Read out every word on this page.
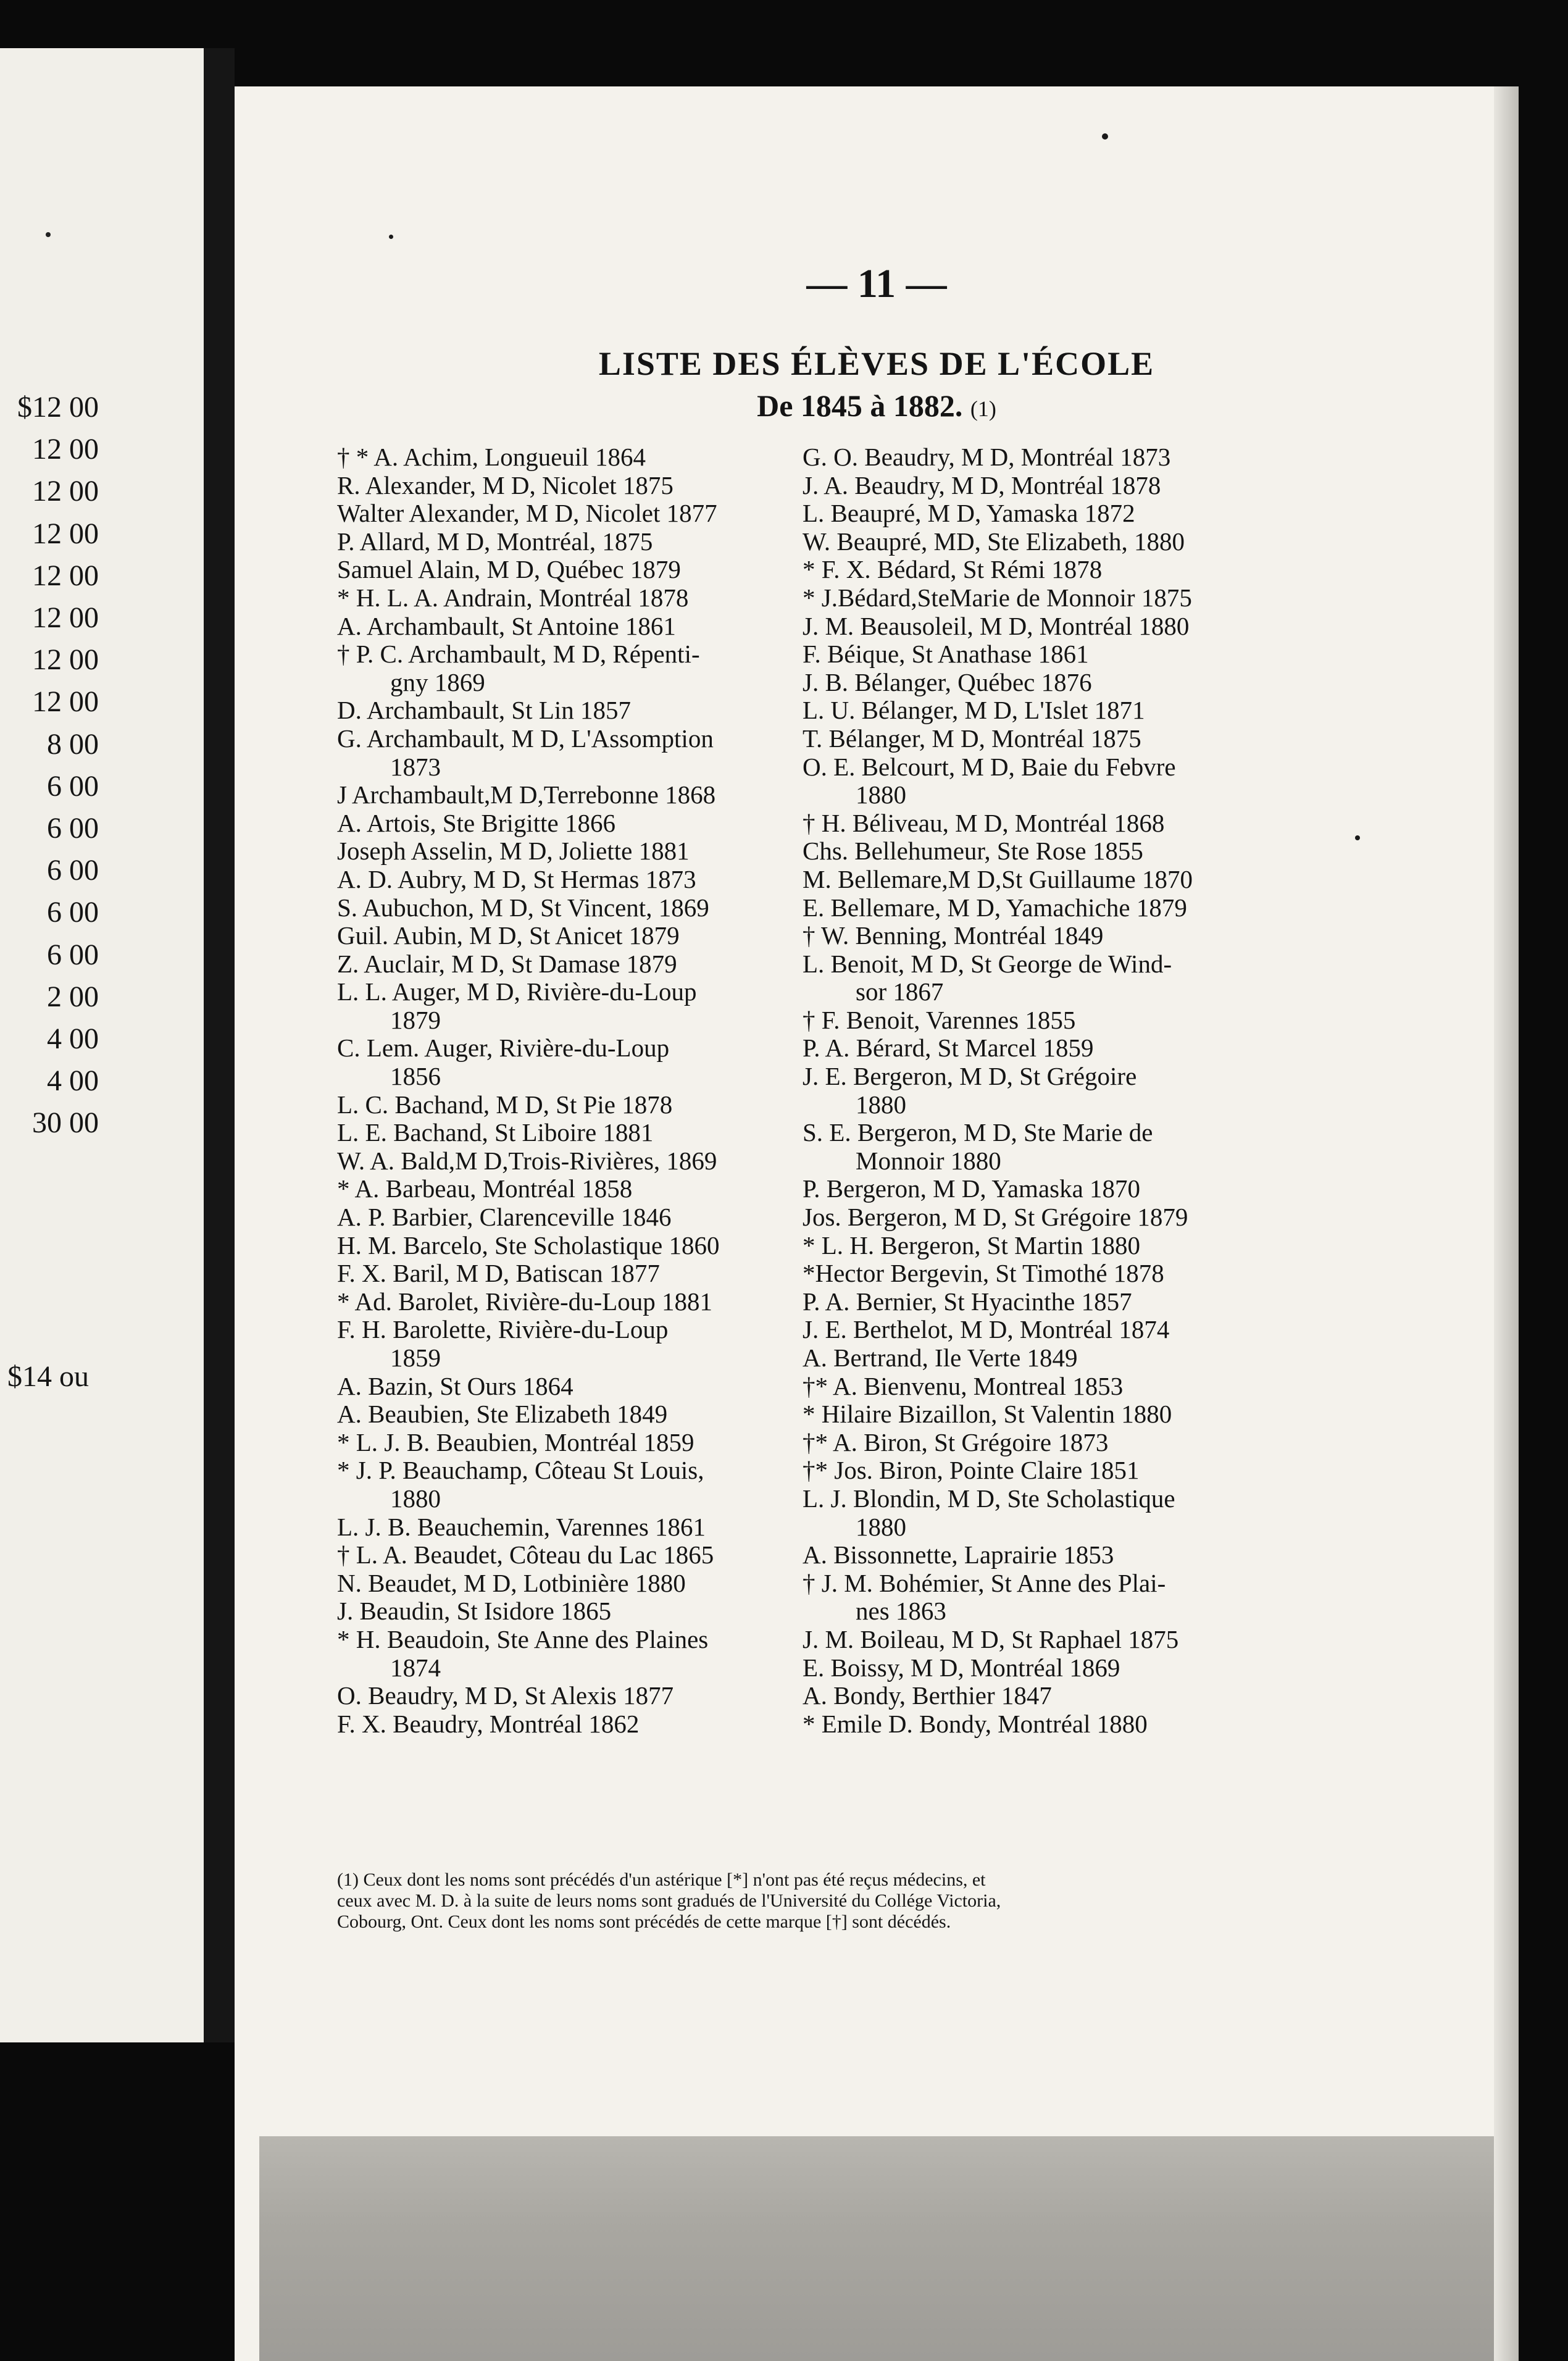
$12 00
12 00
12 00
12 00
12 00
12 00
12 00
12 00
8 00
6 00
6 00
6 00
6 00
6 00
2 00
4 00
4 00
30 00
$14 ou
— 11 —
LISTE DES ÉLÈVES DE L'ÉCOLE
De 1845 à 1882. (1)
† * A. Achim, Longueuil 1864
R. Alexander, M D, Nicolet 1875
Walter Alexander, M D, Nicolet 1877
P. Allard, M D, Montréal, 1875
Samuel Alain, M D, Québec 1879
* H. L. A. Andrain, Montréal 1878
A. Archambault, St Antoine 1861
† P. C. Archambault, M D, Répenti-
gny 1869
D. Archambault, St Lin 1857
G. Archambault, M D, L'Assomption
1873
J Archambault,M D,Terrebonne 1868
A. Artois, Ste Brigitte 1866
Joseph Asselin, M D, Joliette 1881
A. D. Aubry, M D, St Hermas 1873
S. Aubuchon, M D, St Vincent, 1869
Guil. Aubin, M D, St Anicet 1879
Z. Auclair, M D, St Damase 1879
L. L. Auger, M D, Rivière-du-Loup
1879
C. Lem. Auger, Rivière-du-Loup
1856
L. C. Bachand, M D, St Pie 1878
L. E. Bachand, St Liboire 1881
W. A. Bald,M D,Trois-Rivières, 1869
* A. Barbeau, Montréal 1858
A. P. Barbier, Clarenceville 1846
H. M. Barcelo, Ste Scholastique 1860
F. X. Baril, M D, Batiscan 1877
* Ad. Barolet, Rivière-du-Loup 1881
F. H. Barolette, Rivière-du-Loup
1859
A. Bazin, St Ours 1864
A. Beaubien, Ste Elizabeth 1849
* L. J. B. Beaubien, Montréal 1859
* J. P. Beauchamp, Côteau St Louis,
1880
L. J. B. Beauchemin, Varennes 1861
† L. A. Beaudet, Côteau du Lac 1865
N. Beaudet, M D, Lotbinière 1880
J. Beaudin, St Isidore 1865
* H. Beaudoin, Ste Anne des Plaines
1874
O. Beaudry, M D, St Alexis 1877
F. X. Beaudry, Montréal 1862
G. O. Beaudry, M D, Montréal 1873
J. A. Beaudry, M D, Montréal 1878
L. Beaupré, M D, Yamaska 1872
W. Beaupré, MD, Ste Elizabeth, 1880
* F. X. Bédard, St Rémi 1878
* J.Bédard,SteMarie de Monnoir 1875
J. M. Beausoleil, M D, Montréal 1880
F. Béique, St Anathase 1861
J. B. Bélanger, Québec 1876
L. U. Bélanger, M D, L'Islet 1871
T. Bélanger, M D, Montréal 1875
O. E. Belcourt, M D, Baie du Febvre
1880
† H. Béliveau, M D, Montréal 1868
Chs. Bellehumeur, Ste Rose 1855
M. Bellemare,M D,St Guillaume 1870
E. Bellemare, M D, Yamachiche 1879
† W. Benning, Montréal 1849
L. Benoit, M D, St George de Wind-
sor 1867
† F. Benoit, Varennes 1855
P. A. Bérard, St Marcel 1859
J. E. Bergeron, M D, St Grégoire
1880
S. E. Bergeron, M D, Ste Marie de
Monnoir 1880
P. Bergeron, M D, Yamaska 1870
Jos. Bergeron, M D, St Grégoire 1879
* L. H. Bergeron, St Martin 1880
*Hector Bergevin, St Timothé 1878
P. A. Bernier, St Hyacinthe 1857
J. E. Berthelot, M D, Montréal 1874
A. Bertrand, Ile Verte 1849
†* A. Bienvenu, Montreal 1853
* Hilaire Bizaillon, St Valentin 1880
†* A. Biron, St Grégoire 1873
†* Jos. Biron, Pointe Claire 1851
L. J. Blondin, M D, Ste Scholastique
1880
A. Bissonnette, Laprairie 1853
† J. M. Bohémier, St Anne des Plai-
nes 1863
J. M. Boileau, M D, St Raphael 1875
E. Boissy, M D, Montréal 1869
A. Bondy, Berthier 1847
* Emile D. Bondy, Montréal 1880
(1) Ceux dont les noms sont précédés d'un astérique [*] n'ont pas été reçus médecins, et
ceux avec M. D. à la suite de leurs noms sont gradués de l'Université du Collége Victoria,
Cobourg, Ont. Ceux dont les noms sont précédés de cette marque [†] sont décédés.
